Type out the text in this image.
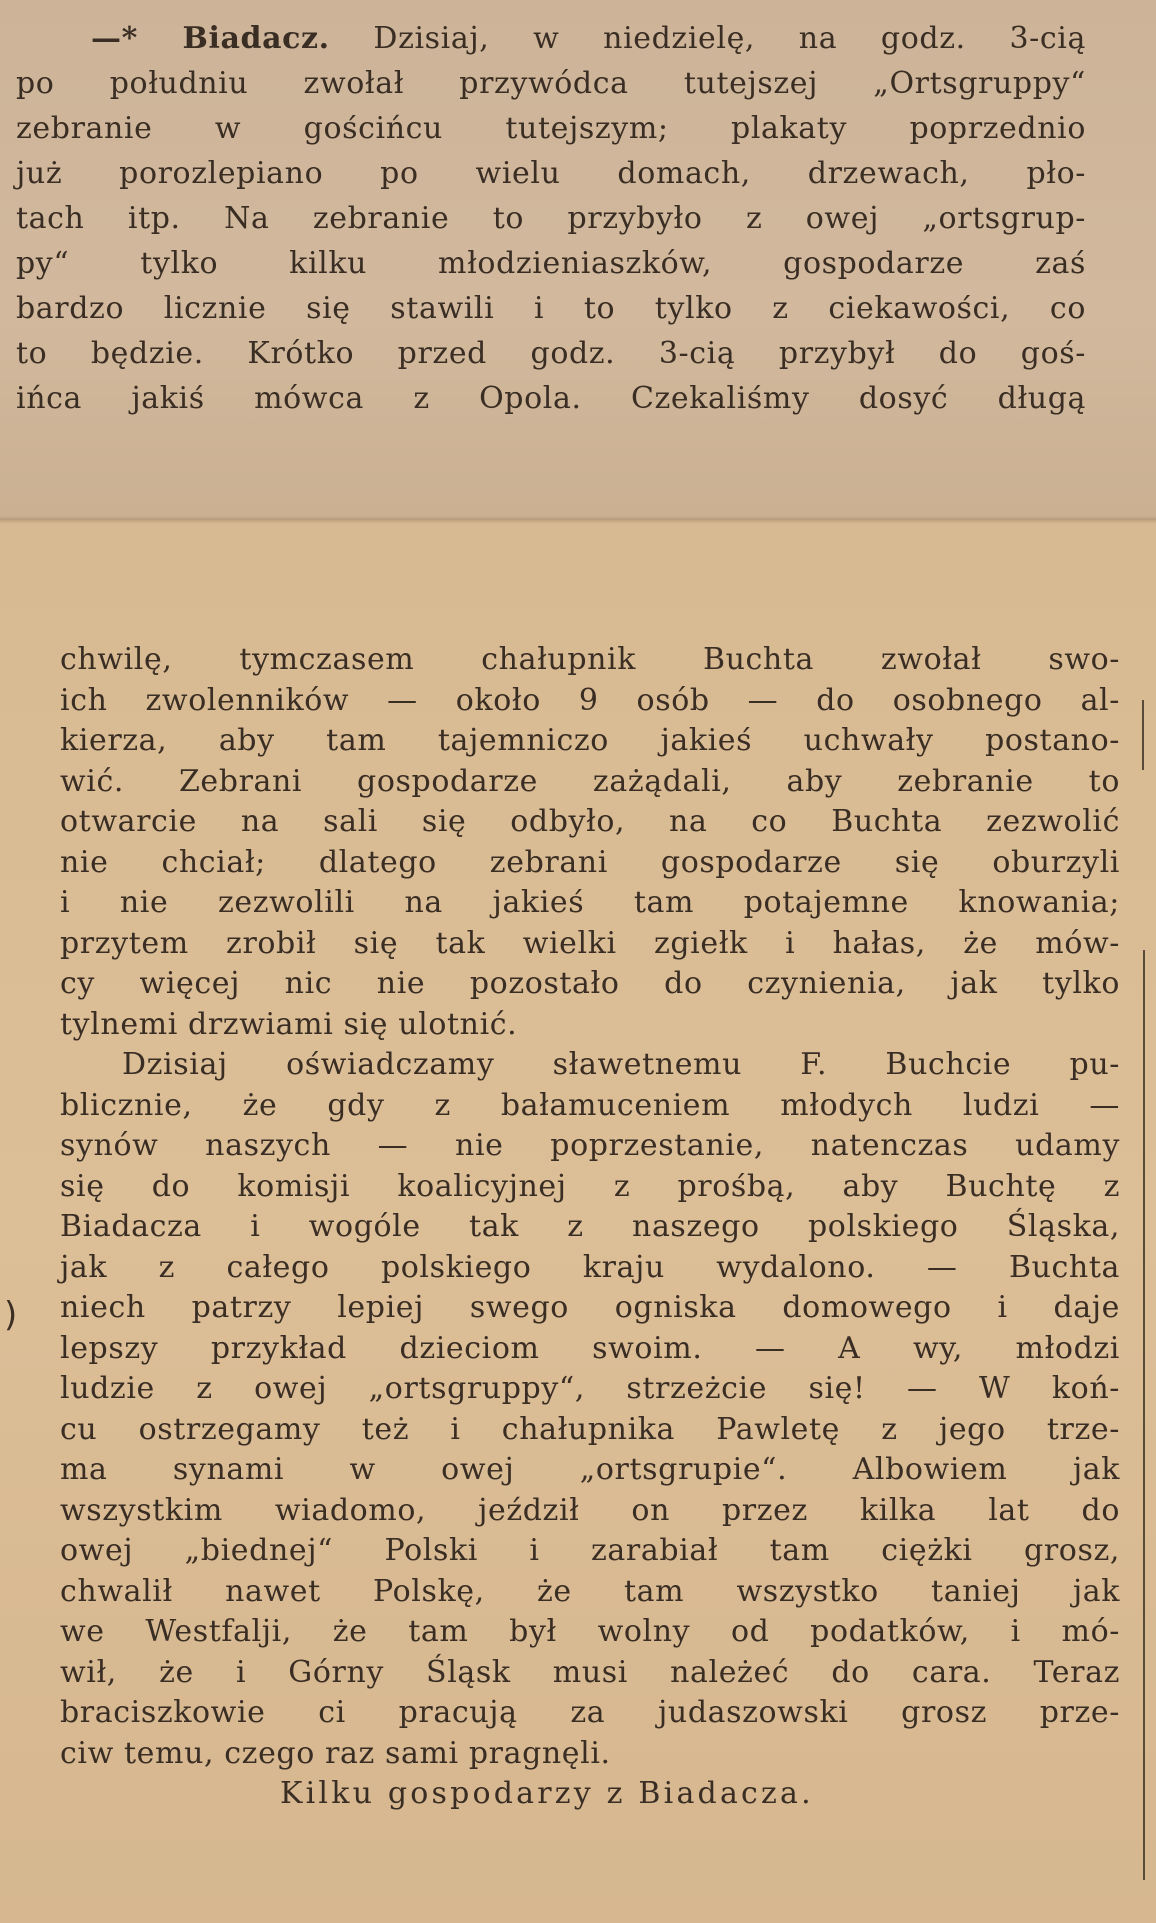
—* Biadacz. Dzisiaj, w niedzielę, na godz. 3-cią
po południu zwołał przywódca tutejszej „Ortsgruppy“
zebranie w gościńcu tutejszym; plakaty poprzednio
już porozlepiano po wielu domach, drzewach, pło-
tach itp. Na zebranie to przybyło z owej „ortsgrup-
py“ tylko kilku młodzieniaszków, gospodarze zaś
bardzo licznie się stawili i to tylko z ciekawości, co
to będzie. Krótko przed godz. 3-cią przybył do goś-
ińca jakiś mówca z Opola. Czekaliśmy dosyć długą
chwilę, tymczasem chałupnik Buchta zwołał swo-
ich zwolenników — około 9 osób — do osobnego al-
kierza, aby tam tajemniczo jakieś uchwały postano-
wić. Zebrani gospodarze zażądali, aby zebranie to
otwarcie na sali się odbyło, na co Buchta zezwolić
nie chciał; dlatego zebrani gospodarze się oburzyli
i nie zezwolili na jakieś tam potajemne knowania;
przytem zrobił się tak wielki zgiełk i hałas, że mów-
cy więcej nic nie pozostało do czynienia, jak tylko
tylnemi drzwiami się ulotnić.
Dzisiaj oświadczamy sławetnemu F. Buchcie pu-
blicznie, że gdy z bałamuceniem młodych ludzi —
synów naszych — nie poprzestanie, natenczas udamy
się do komisji koalicyjnej z prośbą, aby Buchtę z
Biadacza i wogóle tak z naszego polskiego Śląska,
jak z całego polskiego kraju wydalono. — Buchta
niech patrzy lepiej swego ogniska domowego i daje
lepszy przykład dzieciom swoim. — A wy, młodzi
ludzie z owej „ortsgruppy“, strzeżcie się! — W koń-
cu ostrzegamy też i chałupnika Pawletę z jego trze-
ma synami w owej „ortsgrupie“. Albowiem jak
wszystkim wiadomo, jeździł on przez kilka lat do
owej „biednej“ Polski i zarabiał tam ciężki grosz,
chwalił nawet Polskę, że tam wszystko taniej jak
we Westfalji, że tam był wolny od podatków, i mó-
wił, że i Górny Śląsk musi należeć do cara. Teraz
braciszkowie ci pracują za judaszowski grosz prze-
ciw temu, czego raz sami pragnęli.
Kilku gospodarzy z Biadacza.
)
